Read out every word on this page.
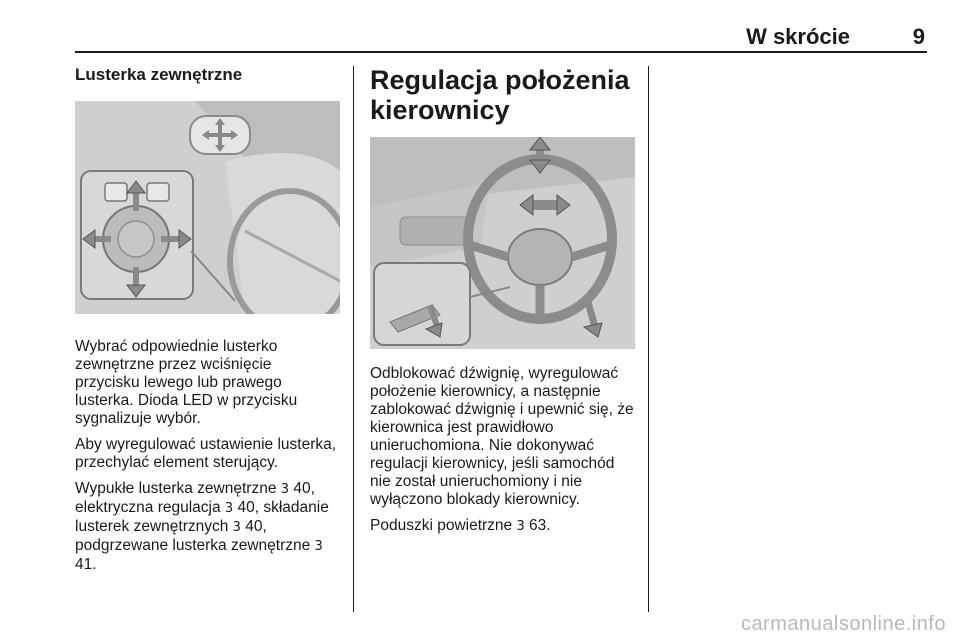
W skrócie	9
Lusterka zewnętrzne

Wybrać odpowiednie lusterko zewnętrzne przez wciśnięcie przycisku lewego lub prawego lusterka. Dioda LED w przycisku sygnalizuje wybór.

Aby wyregulować ustawienie lusterka, przechylać element sterujący.

Wypukłe lusterka zewnętrzne 3 40, elektryczna regulacja 3 40, składanie lusterek zewnętrznych 3 40, podgrzewane lusterka zewnętrzne 3 41.

Regulacja położenia kierownicy

Odblokować dźwignię, wyregulować położenie kierownicy, a następnie zablokować dźwignię i upewnić się, że kierownica jest prawidłowo unieruchomiona. Nie dokonywać regulacji kierownicy, jeśli samochód nie został unieruchomiony i nie wyłączono blokady kierownicy.

Poduszki powietrzne 3 63.

carmanualsonline.info
